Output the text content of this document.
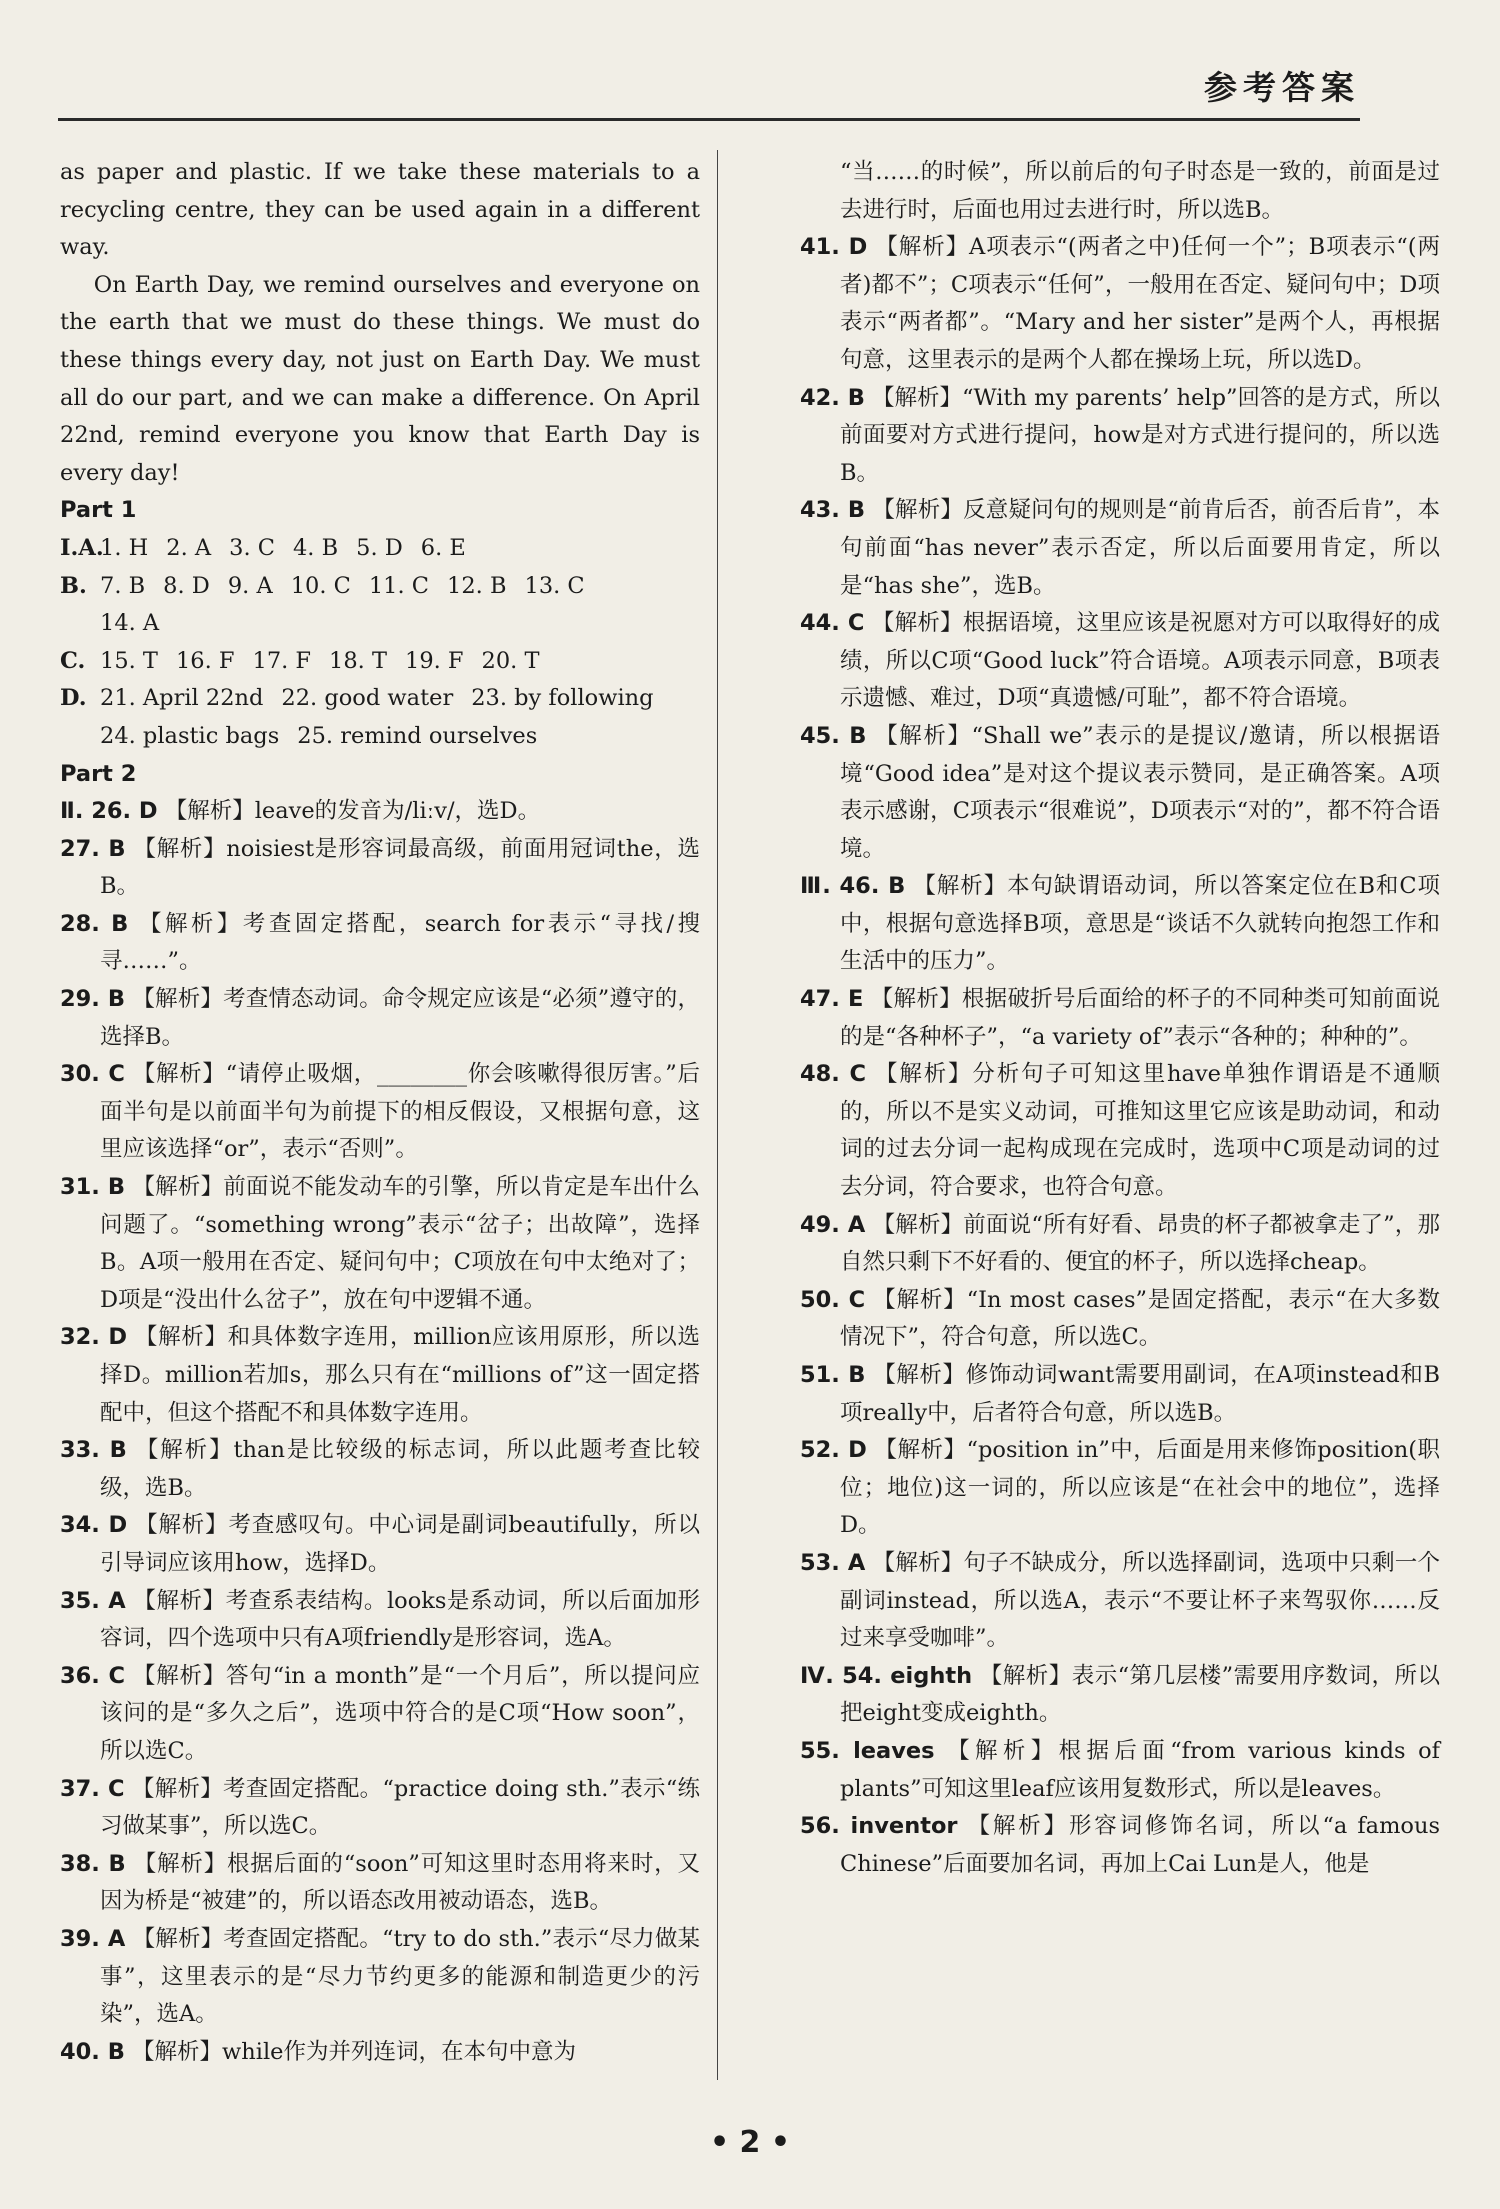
参考答案
as paper and plastic. If we take these materials to a recycling centre, they can be used again in a different way.
On Earth Day, we remind ourselves and everyone on the earth that we must do these things. We must do these things every day, not just on Earth Day. We must all do our part, and we can make a difference. On April 22nd, remind everyone you know that Earth Day is every day!
Part 1
Ⅰ.A.
1. H 2. A 3. C 4. B 5. D 6. E
B. 7. B 8. D 9. A 10. C 11. C 12. B 13. C
14. A
C. 15. T 16. F 17. F 18. T 19. F 20. T
D. 21. April 22nd 22. good water 23. by following
24. plastic bags 25. remind ourselves
Part 2
Ⅱ. 26. D 【解析】leave的发音为/liːv/，选D。
27. B 【解析】noisiest是形容词最高级，前面用冠词the，选B。
28. B 【解析】考查固定搭配，search for表示“寻找/搜寻……”。
29. B 【解析】考查情态动词。命令规定应该是“必须”遵守的，选择B。
30. C 【解析】“请停止吸烟，________你会咳嗽得很厉害。”后面半句是以前面半句为前提下的相反假设，又根据句意，这里应该选择“or”，表示“否则”。
31. B 【解析】前面说不能发动车的引擎，所以肯定是车出什么问题了。“something wrong”表示“岔子；出故障”，选择B。A项一般用在否定、疑问句中；C项放在句中太绝对了；D项是“没出什么岔子”，放在句中逻辑不通。
32. D 【解析】和具体数字连用，million应该用原形，所以选择D。million若加s，那么只有在“millions of”这一固定搭配中，但这个搭配不和具体数字连用。
33. B 【解析】than是比较级的标志词，所以此题考查比较级，选B。
34. D 【解析】考查感叹句。中心词是副词beautifully，所以引导词应该用how，选择D。
35. A 【解析】考查系表结构。looks是系动词，所以后面加形容词，四个选项中只有A项friendly是形容词，选A。
36. C 【解析】答句“in a month”是“一个月后”，所以提问应该问的是“多久之后”，选项中符合的是C项“How soon”，所以选C。
37. C 【解析】考查固定搭配。“practice doing sth.”表示“练习做某事”，所以选C。
38. B 【解析】根据后面的“soon”可知这里时态用将来时，又因为桥是“被建”的，所以语态改用被动语态，选B。
39. A 【解析】考查固定搭配。“try to do sth.”表示“尽力做某事”，这里表示的是“尽力节约更多的能源和制造更少的污染”，选A。
40. B 【解析】while作为并列连词，在本句中意为
“当……的时候”，所以前后的句子时态是一致的，前面是过去进行时，后面也用过去进行时，所以选B。
41. D 【解析】A项表示“(两者之中)任何一个”；B项表示“(两者)都不”；C项表示“任何”，一般用在否定、疑问句中；D项表示“两者都”。“Mary and her sister”是两个人，再根据句意，这里表示的是两个人都在操场上玩，所以选D。
42. B 【解析】“With my parents’ help”回答的是方式，所以前面要对方式进行提问，how是对方式进行提问的，所以选B。
43. B 【解析】反意疑问句的规则是“前肯后否，前否后肯”，本句前面“has never”表示否定，所以后面要用肯定，所以是“has she”，选B。
44. C 【解析】根据语境，这里应该是祝愿对方可以取得好的成绩，所以C项“Good luck”符合语境。A项表示同意，B项表示遗憾、难过，D项“真遗憾/可耻”，都不符合语境。
45. B 【解析】“Shall we”表示的是提议/邀请，所以根据语境“Good idea”是对这个提议表示赞同，是正确答案。A项表示感谢，C项表示“很难说”，D项表示“对的”，都不符合语境。
Ⅲ. 46. B 【解析】本句缺谓语动词，所以答案定位在B和C项中，根据句意选择B项，意思是“谈话不久就转向抱怨工作和生活中的压力”。
47. E 【解析】根据破折号后面给的杯子的不同种类可知前面说的是“各种杯子”，“a variety of”表示“各种的；种种的”。
48. C 【解析】分析句子可知这里have单独作谓语是不通顺的，所以不是实义动词，可推知这里它应该是助动词，和动词的过去分词一起构成现在完成时，选项中C项是动词的过去分词，符合要求，也符合句意。
49. A 【解析】前面说“所有好看、昂贵的杯子都被拿走了”，那自然只剩下不好看的、便宜的杯子，所以选择cheap。
50. C 【解析】“In most cases”是固定搭配，表示“在大多数情况下”，符合句意，所以选C。
51. B 【解析】修饰动词want需要用副词，在A项instead和B项really中，后者符合句意，所以选B。
52. D 【解析】“position in”中，后面是用来修饰position(职位；地位)这一词的，所以应该是“在社会中的地位”，选择D。
53. A 【解析】句子不缺成分，所以选择副词，选项中只剩一个副词instead，所以选A，表示“不要让杯子来驾驭你……反过来享受咖啡”。
Ⅳ. 54. eighth 【解析】表示“第几层楼”需要用序数词，所以把eight变成eighth。
55. leaves 【解析】根据后面“from various kinds of plants”可知这里leaf应该用复数形式，所以是leaves。
56. inventor 【解析】形容词修饰名词，所以“a famous Chinese”后面要加名词，再加上Cai Lun是人，他是
• 2 •
